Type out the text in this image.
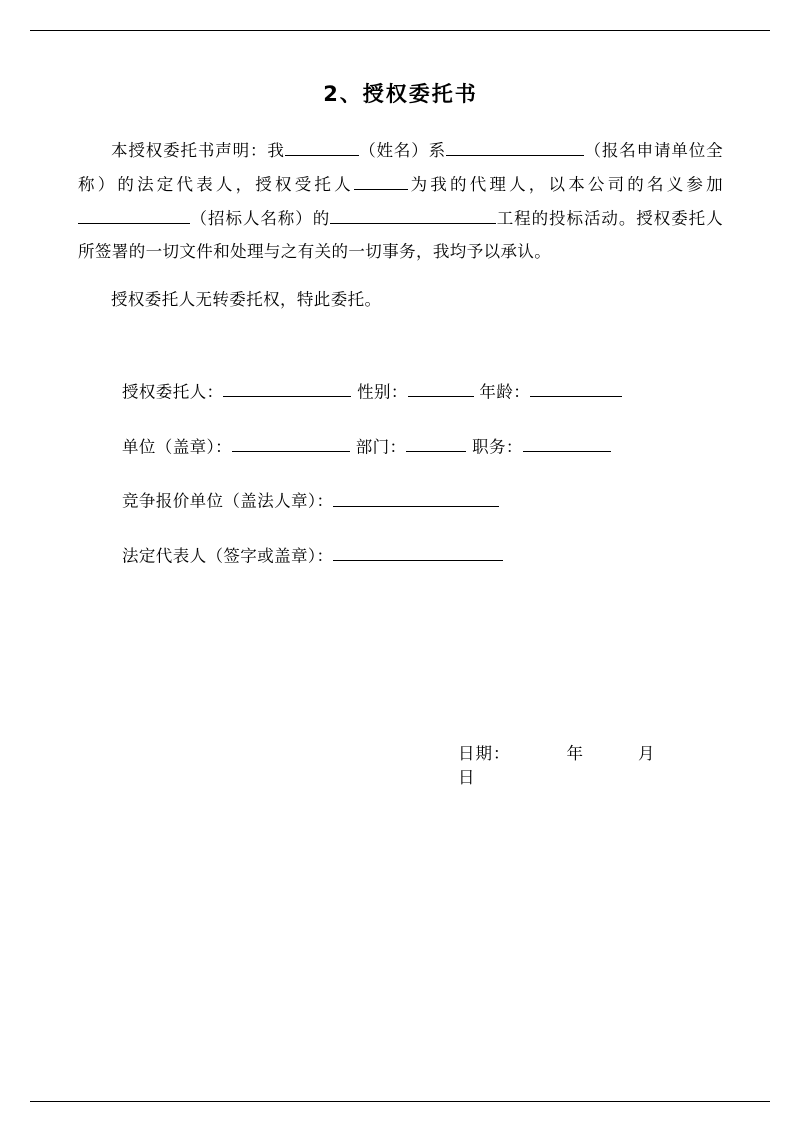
2、授权委托书

本授权委托书声明：我	（姓名）系	（报名申请单位全称）的法定代表人，授权受托人	为我的代理人，以本公司的名义参加（招标人名称）的	工程的投标活动。授权委托人所签署的一切文件和处理与之有关的一切事务，我均予以承认。

授权委托人无转委托权，特此委托。

授权委托人：	性别：	年龄：
单位（盖章）：	部门：	职务：
竞争报价单位（盖法人章）：
法定代表人（签字或盖章）：
日期：	年	月日
